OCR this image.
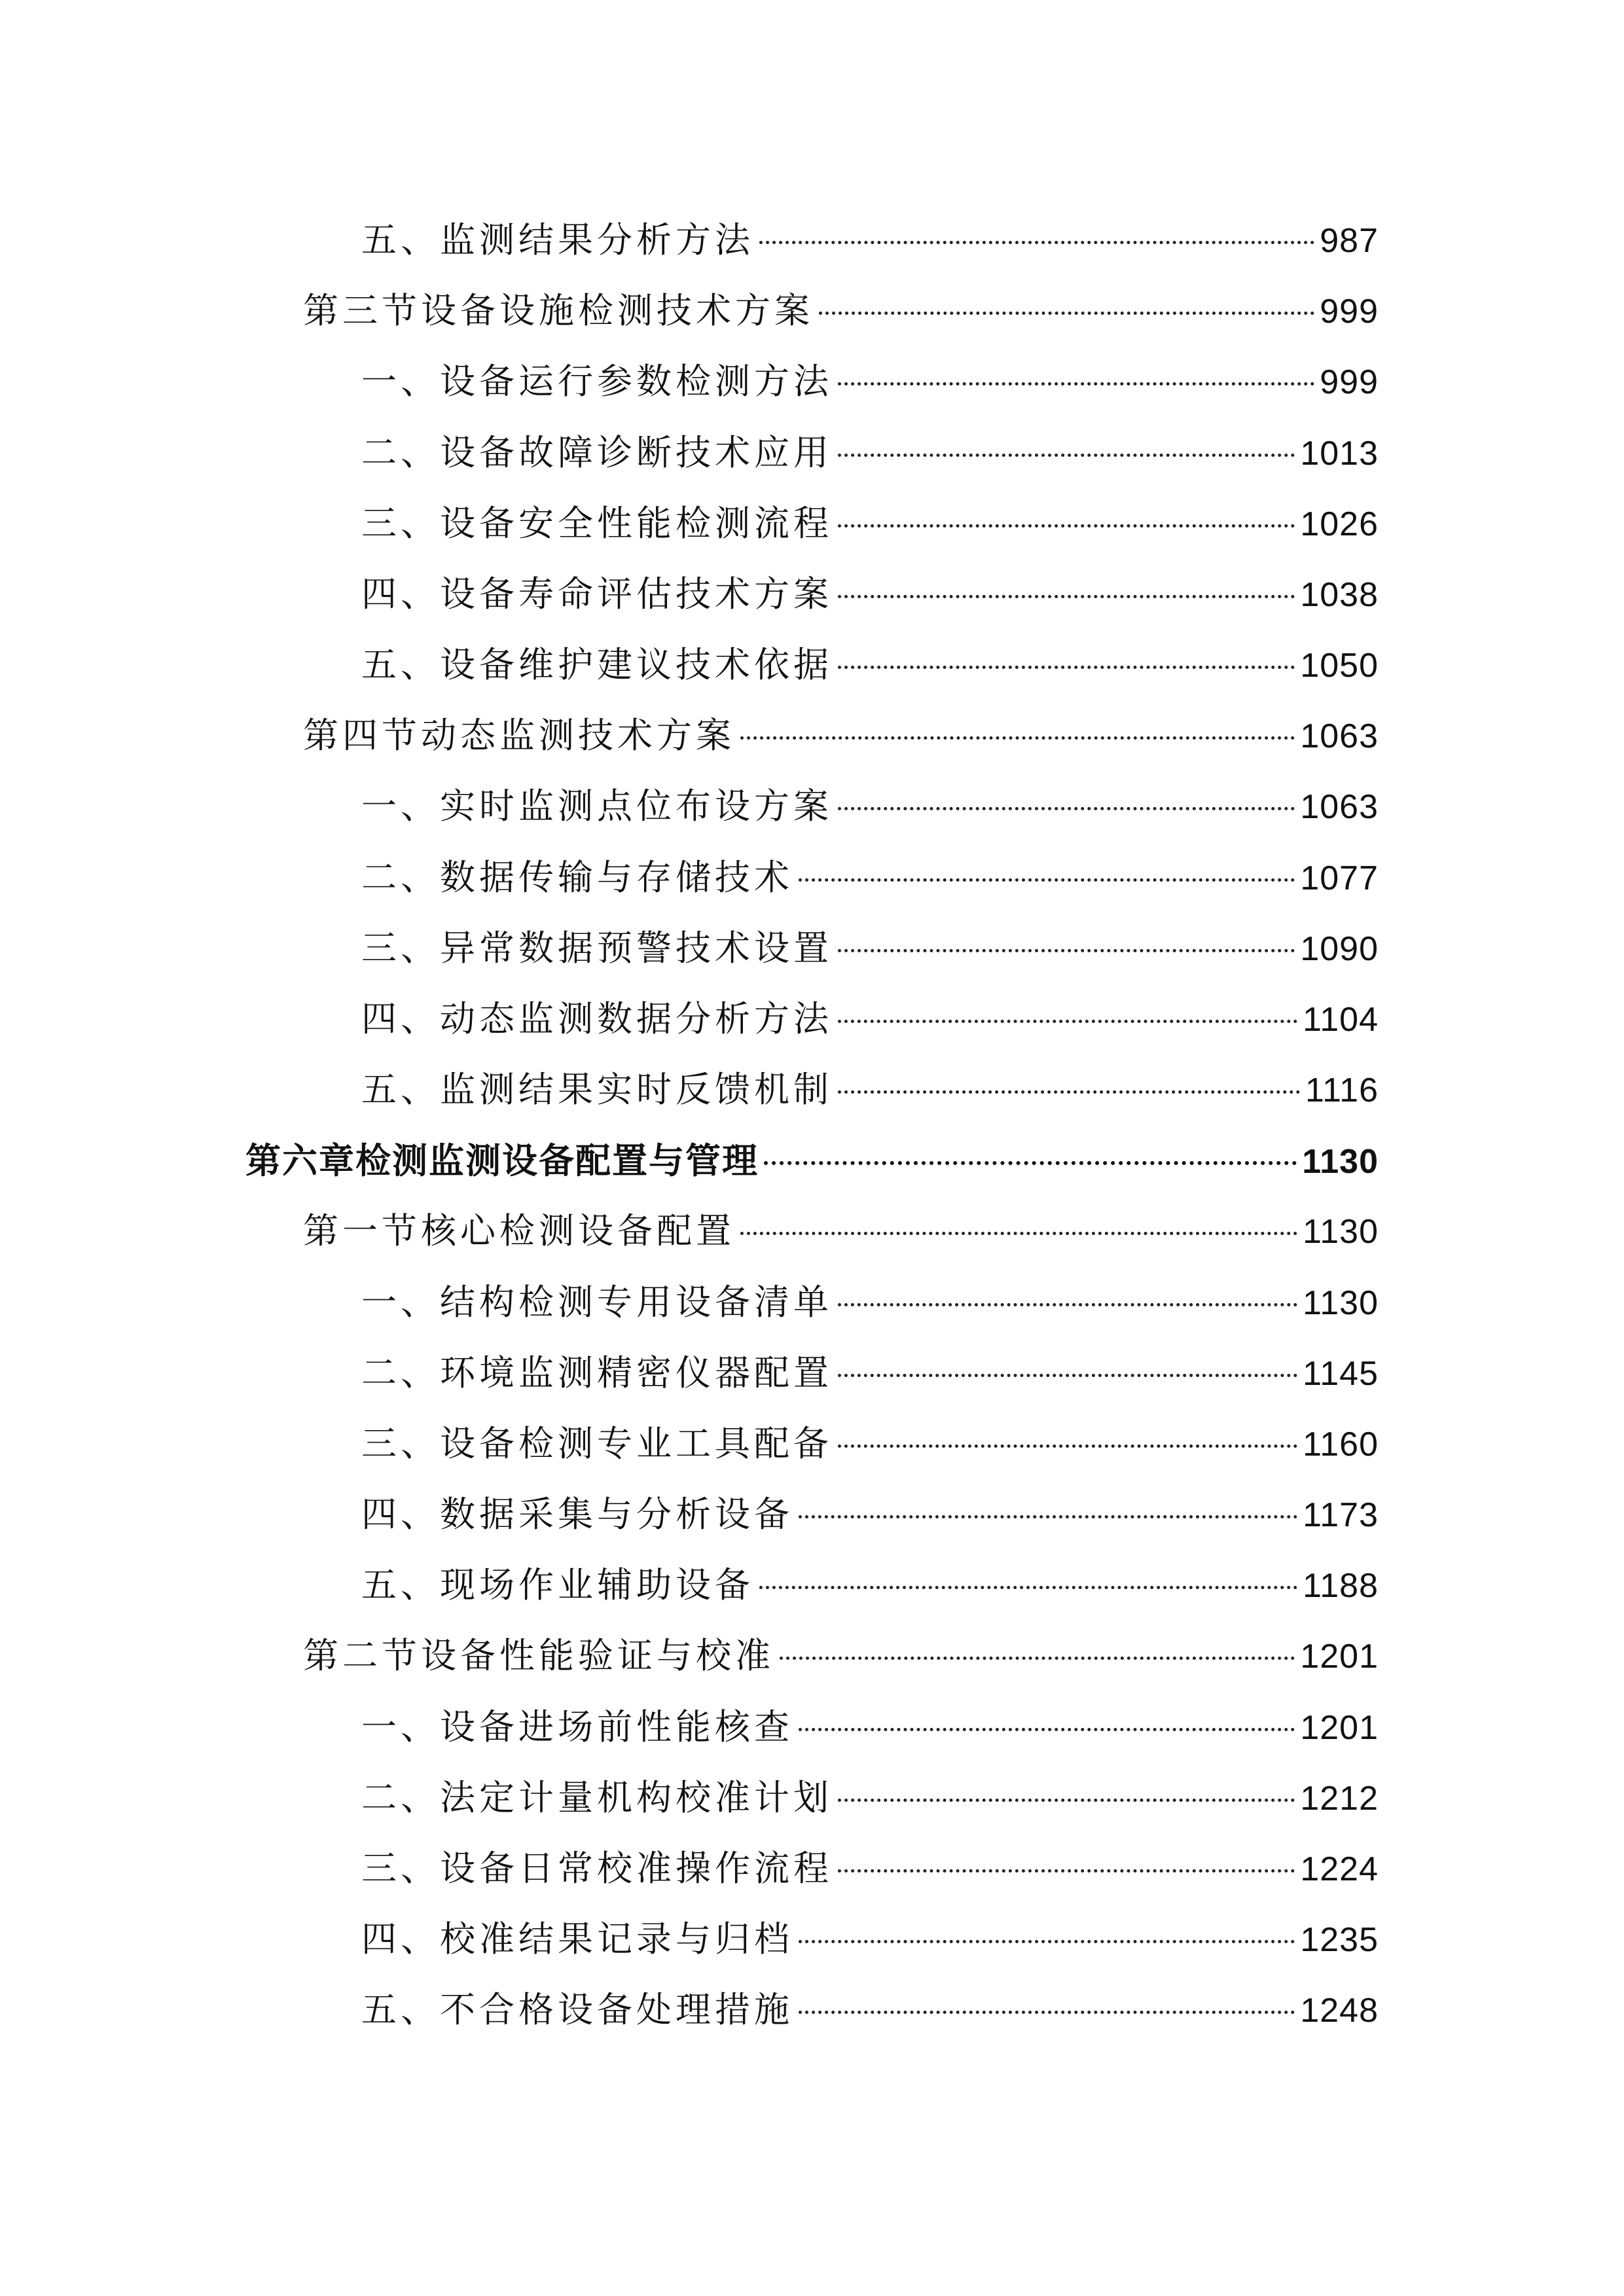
五、监测结果分析方法	987
第三节设备设施检测技术方案	999
一、设备运行参数检测方法	999
二、设备故障诊断技术应用	1013
三、设备安全性能检测流程	1026
四、设备寿命评估技术方案	1038
五、设备维护建议技术依据	1050
第四节动态监测技术方案	1063
一、实时监测点位布设方案	1063
二、数据传输与存储技术	1077
三、异常数据预警技术设置	1090
四、动态监测数据分析方法	1104
五、监测结果实时反馈机制	1116
第六章检测监测设备配置与管理	1130
第一节核心检测设备配置	1130
一、结构检测专用设备清单	1130
二、环境监测精密仪器配置	1145
三、设备检测专业工具配备	1160
四、数据采集与分析设备	1173
五、现场作业辅助设备	1188
第二节设备性能验证与校准	1201
一、设备进场前性能核查	1201
二、法定计量机构校准计划	1212
三、设备日常校准操作流程	1224
四、校准结果记录与归档	1235
五、不合格设备处理措施	1248
